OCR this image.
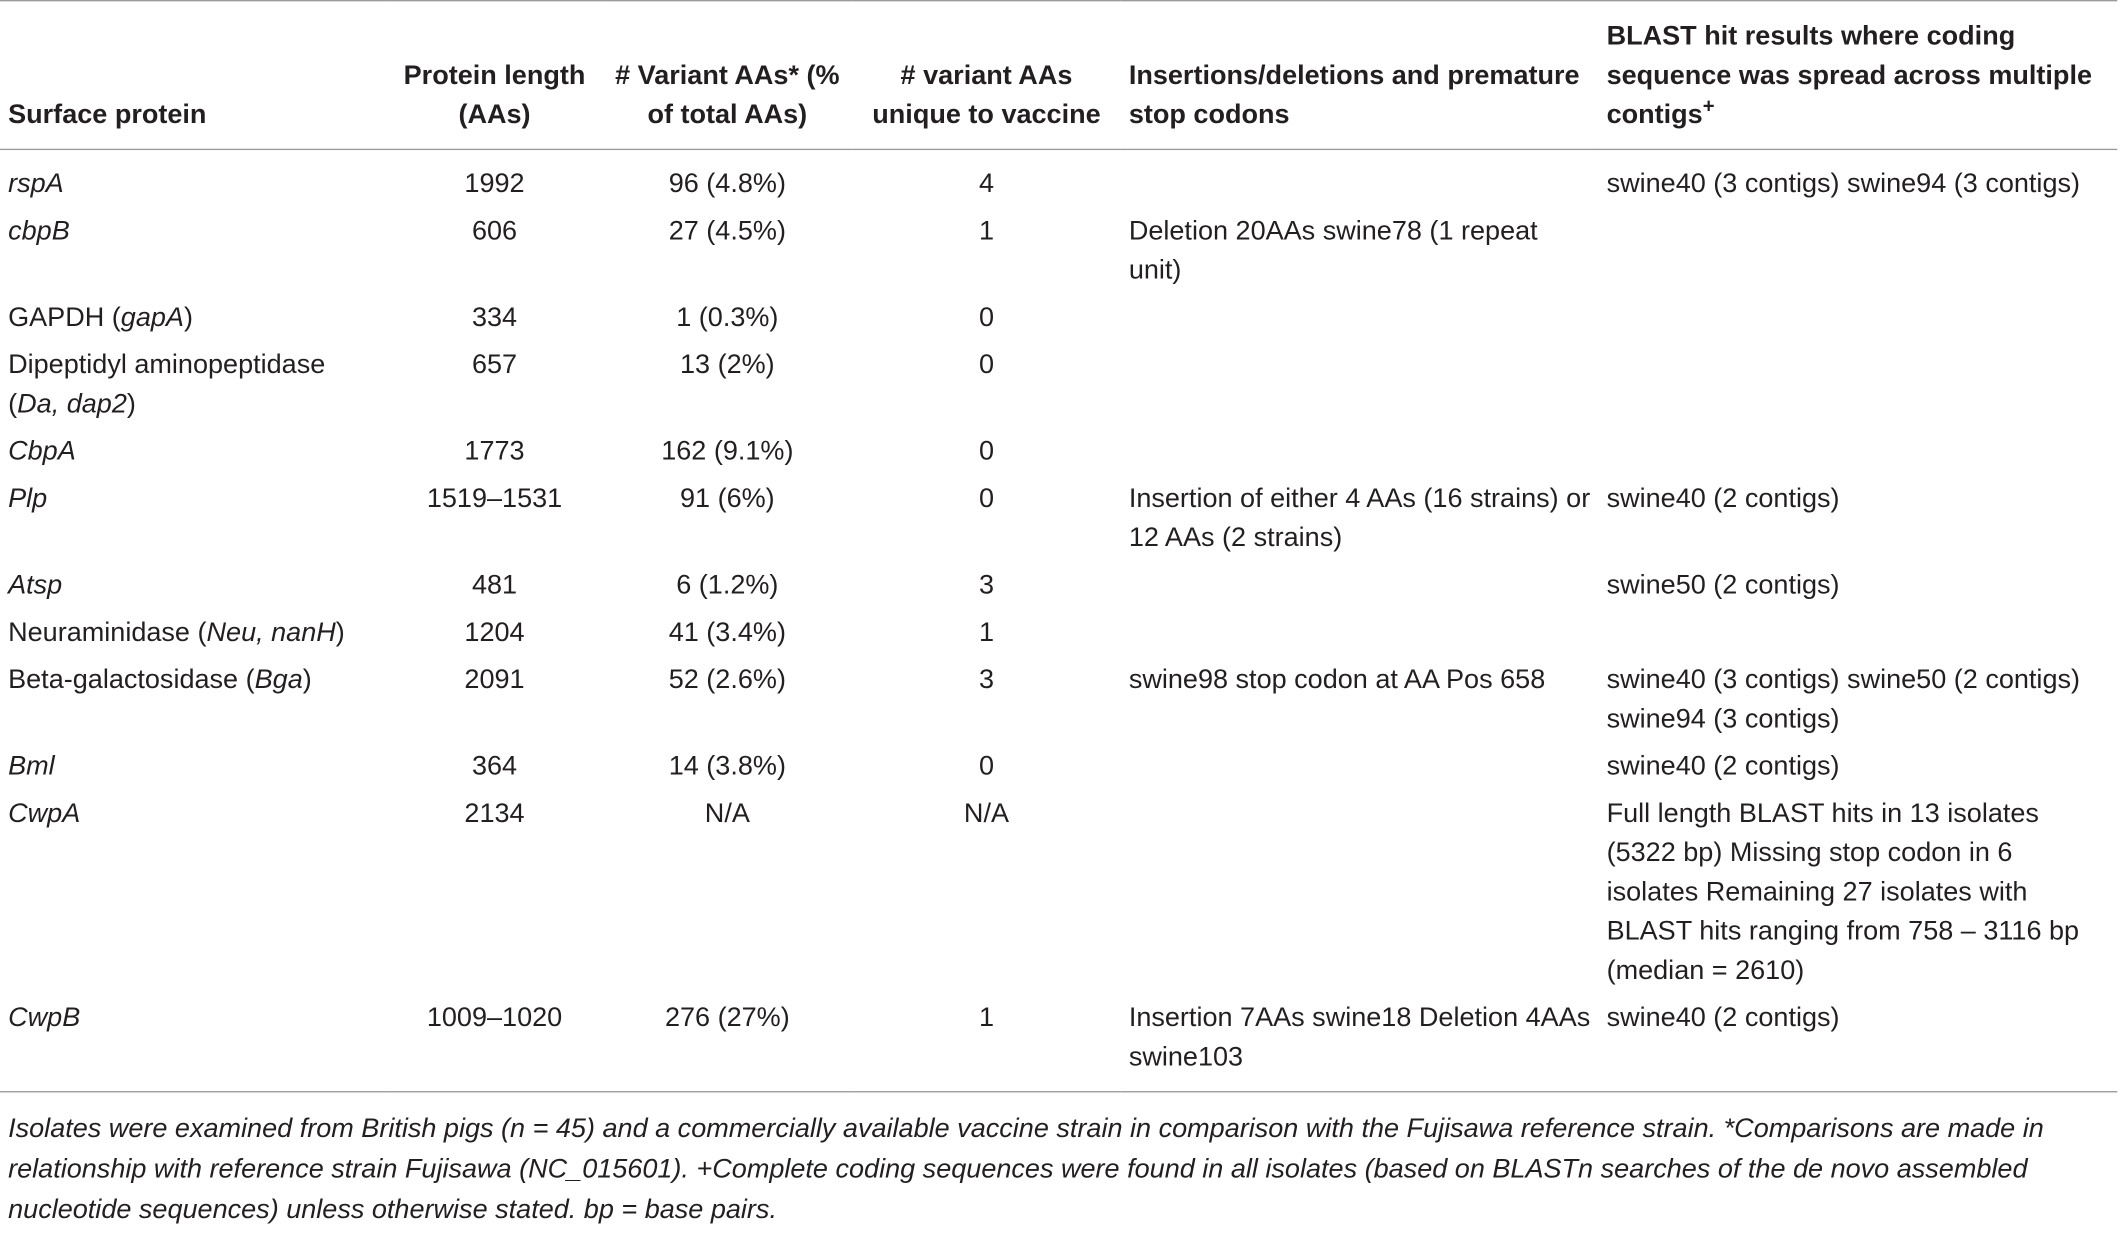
Surface protein	Protein length (AAs)	# Variant AAs* (% of total AAs)	# variant AAs unique to vaccine	Insertions/deletions and premature stop codons	BLAST hit results where coding sequence was spread across multiple contigs+
rspA	1992	96 (4.8%)	4		swine40 (3 contigs) swine94 (3 contigs)
cbpB	606	27 (4.5%)	1	Deletion 20AAs swine78 (1 repeat unit)	
GAPDH (gapA)	334	1 (0.3%)	0		
Dipeptidyl aminopeptidase (Da, dap2)	657	13 (2%)	0		
CbpA	1773	162 (9.1%)	0		
Plp	1519–1531	91 (6%)	0	Insertion of either 4 AAs (16 strains) or 12 AAs (2 strains)	swine40 (2 contigs)
Atsp	481	6 (1.2%)	3		swine50 (2 contigs)
Neuraminidase (Neu, nanH)	1204	41 (3.4%)	1		
Beta-galactosidase (Bga)	2091	52 (2.6%)	3	swine98 stop codon at AA Pos 658	swine40 (3 contigs) swine50 (2 contigs) swine94 (3 contigs)
Bml	364	14 (3.8%)	0		swine40 (2 contigs)
CwpA	2134	N/A	N/A		Full length BLAST hits in 13 isolates (5322 bp) Missing stop codon in 6 isolates Remaining 27 isolates with BLAST hits ranging from 758 – 3116 bp (median = 2610)
CwpB	1009–1020	276 (27%)	1	Insertion 7AAs swine18 Deletion 4AAs swine103	swine40 (2 contigs)
Isolates were examined from British pigs (n = 45) and a commercially available vaccine strain in comparison with the Fujisawa reference strain. *Comparisons are made in relationship with reference strain Fujisawa (NC_015601). +Complete coding sequences were found in all isolates (based on BLASTn searches of the de novo assembled nucleotide sequences) unless otherwise stated. bp = base pairs.
